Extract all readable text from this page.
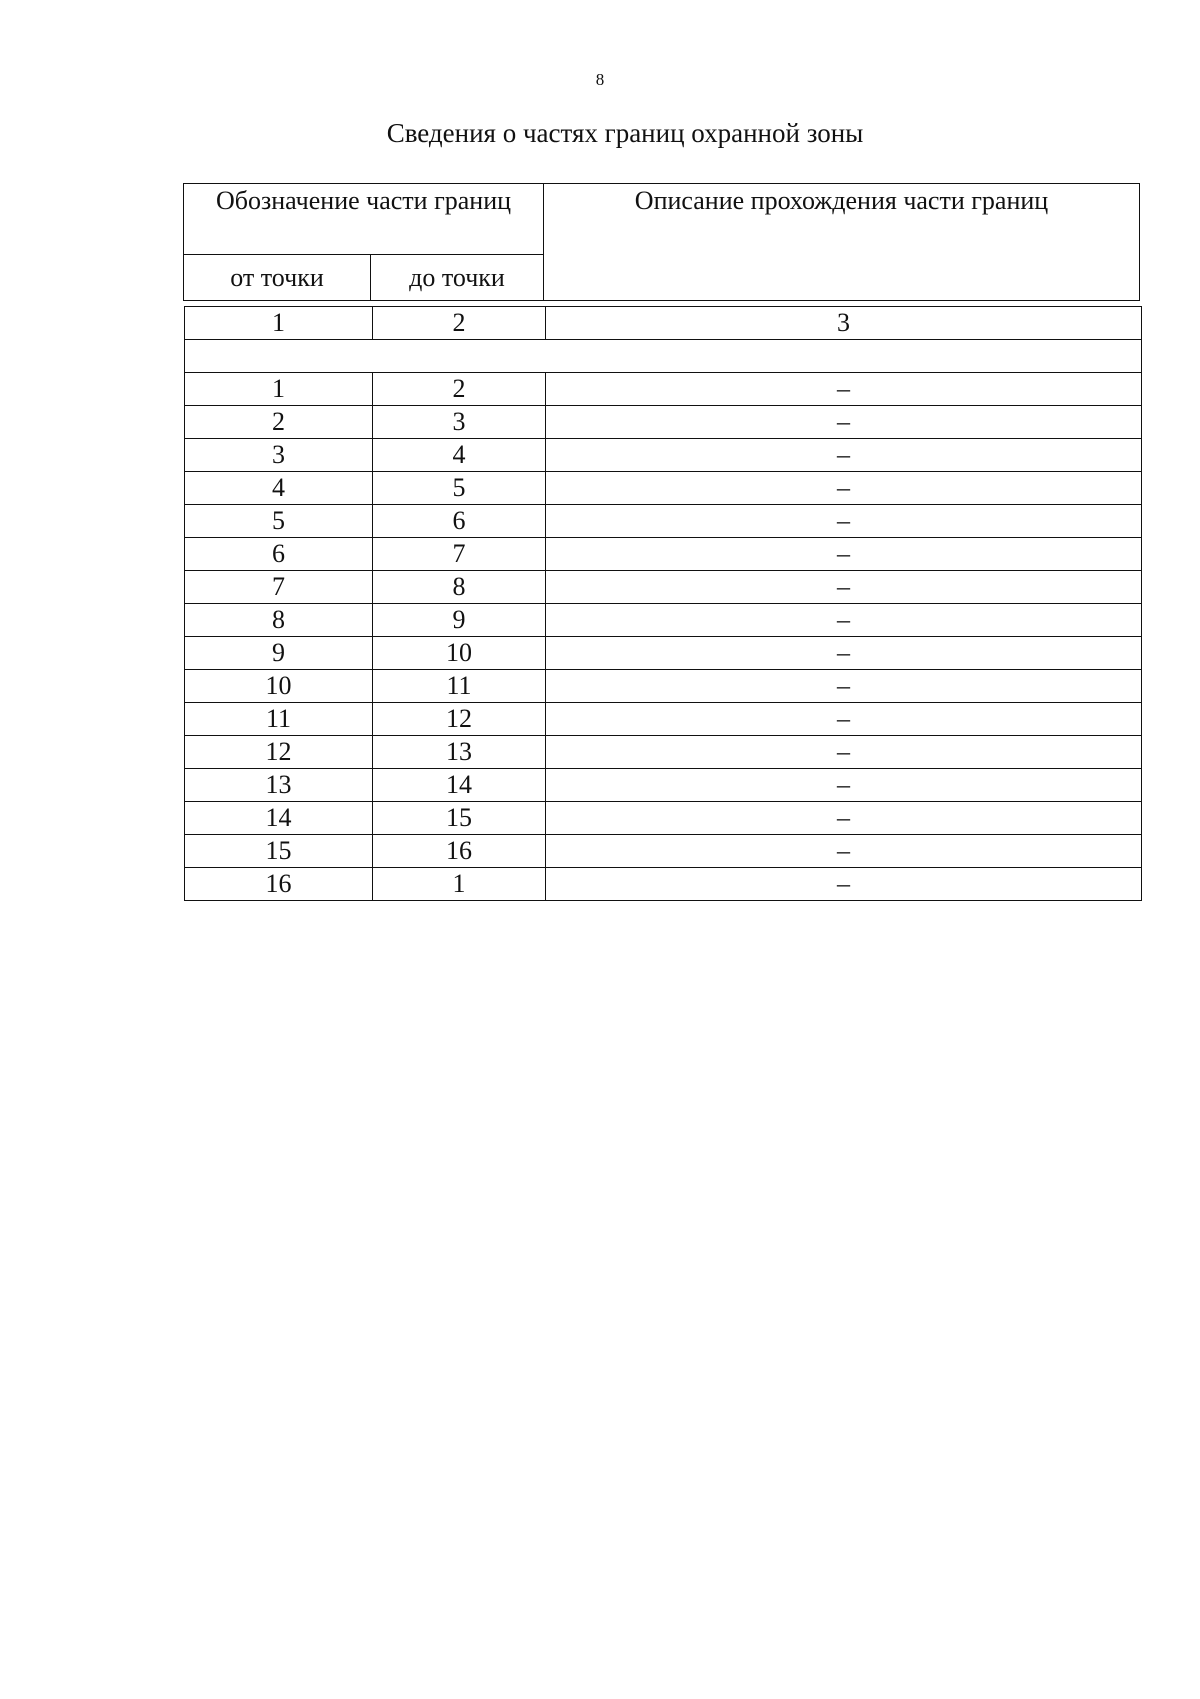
8
Сведения о частях границ охранной зоны
Обозначение части границ		Описание прохождения части границ

от точки	до точки	
1	2	3

1	2	–
2	3	–
3	4	–
4	5	–
5	6	–
6	7	–
7	8	–
8	9	–
9	10	–
10	11	–
11	12	–
12	13	–
13	14	–
14	15	–
15	16	–
16	1	–
